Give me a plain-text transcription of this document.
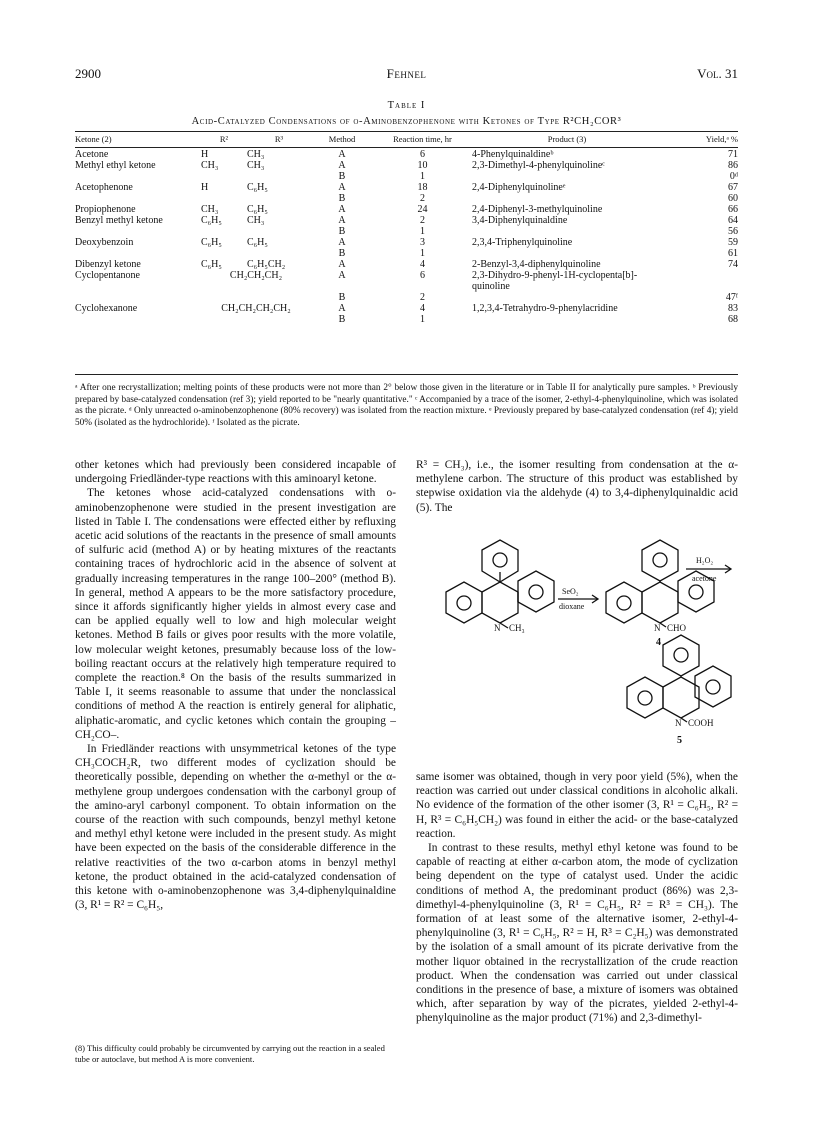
2900	Fehnel	Vol. 31
Table I
Acid-Catalyzed Condensations of o-Aminobenzophenone with Ketones of Type R²CH₂COR³
Ketone (2)	R²	R³	Method	Reaction time, hr	Product (3)	Yield,ᵃ %

Acetone	H	CH₃	A	6	4-Phenylquinaldineᵇ	71
Methyl ethyl ketone	CH₃	CH₃	A	10	2,3-Dimethyl-4-phenylquinolineᶜ	86
			B	1		0ᵈ
Acetophenone	H	C₆H₅	A	18	2,4-Diphenylquinolineᵉ	67
			B	2		60
Propiophenone	CH₃	C₆H₅	A	24	2,4-Diphenyl-3-methylquinoline	66
Benzyl methyl ketone	C₆H₅	CH₃	A	2	3,4-Diphenylquinaldine	64
			B	1		56
Deoxybenzoin	C₆H₅	C₆H₅	A	3	2,3,4-Triphenylquinoline	59
			B	1		61
Dibenzyl ketone	C₆H₅	C₆H₅CH₂	A	4	2-Benzyl-3,4-diphenylquinoline	74
Cyclopentanone	CH₂CH₂CH₂		A	6	2,3-Dihydro-9-phenyl-1H-cyclopenta[b]-quinoline	
			B	2		47ᶠ
Cyclohexanone	CH₂CH₂CH₂CH₂		A	4	1,2,3,4-Tetrahydro-9-phenylacridine	83
			B	1		68
ᵃ After one recrystallization; melting points of these products were not more than 2° below those given in the literature or in Table II for analytically pure samples. ᵇ Previously prepared by base-catalyzed condensation (ref 3); yield reported to be "nearly quantitative." ᶜ Accompanied by a trace of the isomer, 2-ethyl-4-phenylquinoline, which was isolated as the picrate. ᵈ Only unreacted o-aminobenzophenone (80% recovery) was isolated from the reaction mixture. ᵉ Previously prepared by base-catalyzed condensation (ref 4); yield 50% (isolated as the hydrochloride). ᶠ Isolated as the picrate.

other ketones which had previously been considered incapable of undergoing Friedländer-type reactions with this aminoaryl ketone.

The ketones whose acid-catalyzed condensations with o-aminobenzophenone were studied in the present investigation are listed in Table I. The condensations were effected either by refluxing acetic acid solutions of the reactants in the presence of small amounts of sulfuric acid (method A) or by heating mixtures of the reactants containing traces of hydrochloric acid in the absence of solvent at gradually increasing temperatures in the range 100–200° (method B). In general, method A appears to be the more satisfactory procedure, since it affords significantly higher yields in almost every case and can be applied equally well to low and high molecular weight ketones. Method B fails or gives poor results with the more volatile, low molecular weight ketones, presumably because loss of the low-boiling reactant occurs at the relatively high temperature required to complete the reaction.⁸ On the basis of the results summarized in Table I, it seems reasonable to assume that under the nonclassical conditions of method A the reaction is entirely general for aliphatic, aliphatic-aromatic, and cyclic ketones which contain the grouping –CH₂CO–.

In Friedländer reactions with unsymmetrical ketones of the type CH₃COCH₂R, two different modes of cyclization should be theoretically possible, depending on whether the α-methyl or the α-methylene group undergoes condensation with the carbonyl group of the amino-aryl carbonyl component. To obtain information on the course of the reaction with such compounds, benzyl methyl ketone and methyl ethyl ketone were included in the present study. As might have been expected on the basis of the considerable difference in the relative reactivities of the two α-carbon atoms in benzyl methyl ketone, the product obtained in the acid-catalyzed condensation of this ketone with o-aminobenzophenone was 3,4-diphenylquinaldine (3, R¹ = R² = C₆H₅,

(8) This difficulty could probably be circumvented by carrying out the reaction in a sealed tube or autoclave, but method A is more convenient.

R³ = CH₃), i.e., the isomer resulting from condensation at the α-methylene carbon. The structure of this product was established by stepwise oxidation via the aldehyde (4) to 3,4-diphenylquinaldic acid (5). The

SeO₂
dioxane
H₂O₂
acetone
N CH₃	N CHO
4
N COOH
5

same isomer was obtained, though in very poor yield (5%), when the reaction was carried out under classical conditions in alcoholic alkali. No evidence of the formation of the other isomer (3, R¹ = C₆H₅, R² = H, R³ = C₆H₅CH₂) was found in either the acid- or the base-catalyzed reaction.

In contrast to these results, methyl ethyl ketone was found to be capable of reacting at either α-carbon atom, the mode of cyclization being dependent on the type of catalyst used. Under the acidic conditions of method A, the predominant product (86%) was 2,3-dimethyl-4-phenylquinoline (3, R¹ = C₆H₅, R² = R³ = CH₃). The formation of at least some of the alternative isomer, 2-ethyl-4-phenylquinoline (3, R¹ = C₆H₅, R² = H, R³ = C₂H₅) was demonstrated by the isolation of a small amount of its picrate derivative from the mother liquor obtained in the recrystallization of the crude reaction product. When the condensation was carried out under classical conditions in the presence of base, a mixture of isomers was obtained which, after separation by way of the picrates, yielded 2-ethyl-4-phenylquinoline as the major product (71%) and 2,3-dimethyl-
